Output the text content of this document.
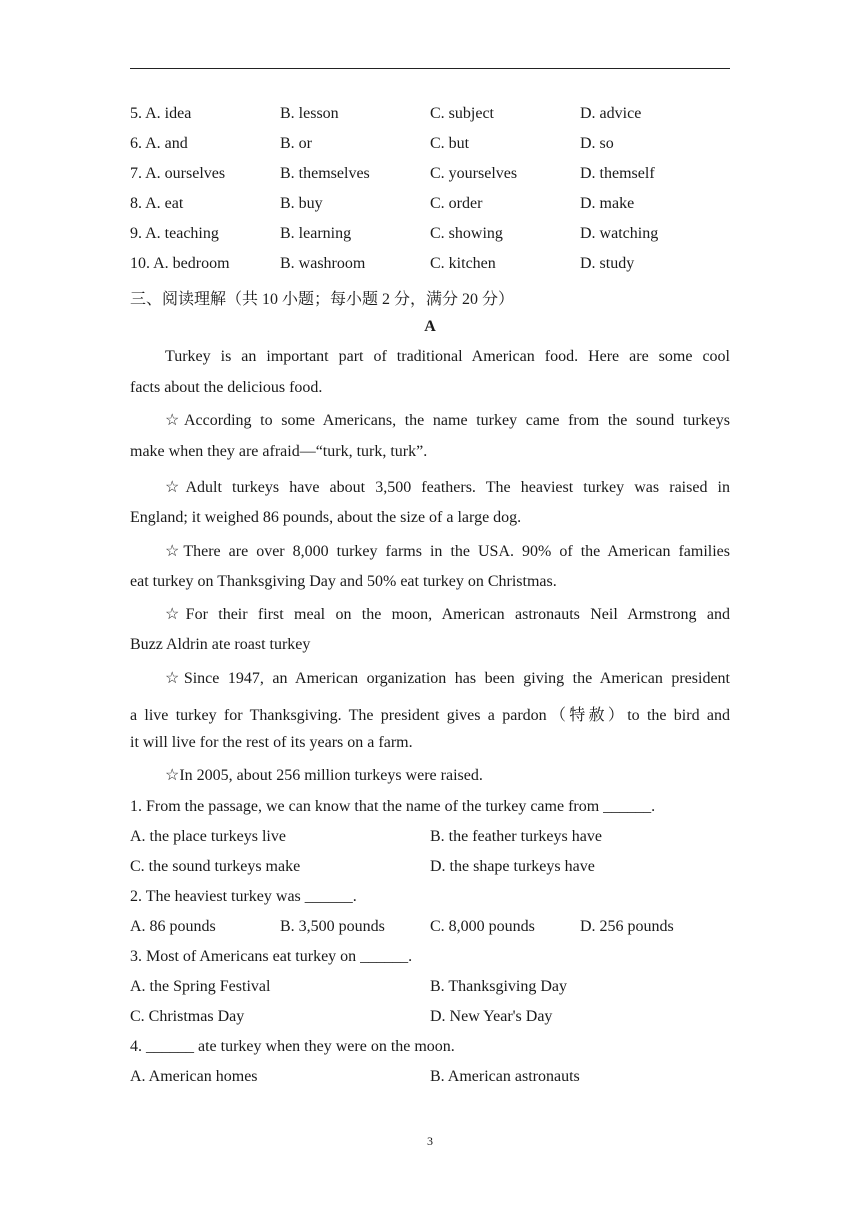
5. A. idea	B. lesson	C. subject	D. advice
6. A. and	B. or	C. but	D. so
7. A. ourselves	B. themselves	C. yourselves	D. themself
8. A. eat	B. buy	C. order	D. make
9. A. teaching	B. learning	C. showing	D. watching
10. A. bedroom	B. washroom	C. kitchen	D. study
三、阅读理解（共 10 小题；每小题 2 分，满分 20 分）
A
Turkey is an important part of traditional American food. Here are some cool
facts about the delicious food.
☆According to some Americans, the name turkey came from the sound turkeys
make when they are afraid—“turk, turk, turk”.
☆Adult turkeys have about 3,500 feathers. The heaviest turkey was raised in
England; it weighed 86 pounds, about the size of a large dog.
☆There are over 8,000 turkey farms in the USA. 90% of the American families
eat turkey on Thanksgiving Day and 50% eat turkey on Christmas.
☆For their first meal on the moon, American astronauts Neil Armstrong and
Buzz Aldrin ate roast turkey
☆Since 1947, an American organization has been giving the American president
a live turkey for Thanksgiving. The president gives a pardon（特赦）to the bird and
it will live for the rest of its years on a farm.
☆In 2005, about 256 million turkeys were raised.
1. From the passage, we can know that the name of the turkey came from ______.
A. the place turkeys live	B. the feather turkeys have
C. the sound turkeys make	D. the shape turkeys have
2. The heaviest turkey was ______.
A. 86 pounds	B. 3,500 pounds	C. 8,000 pounds	D. 256 pounds
3. Most of Americans eat turkey on ______.
A. the Spring Festival	B. Thanksgiving Day
C. Christmas Day	D. New Year's Day
4. ______ ate turkey when they were on the moon.
A. American homes	B. American astronauts
3
